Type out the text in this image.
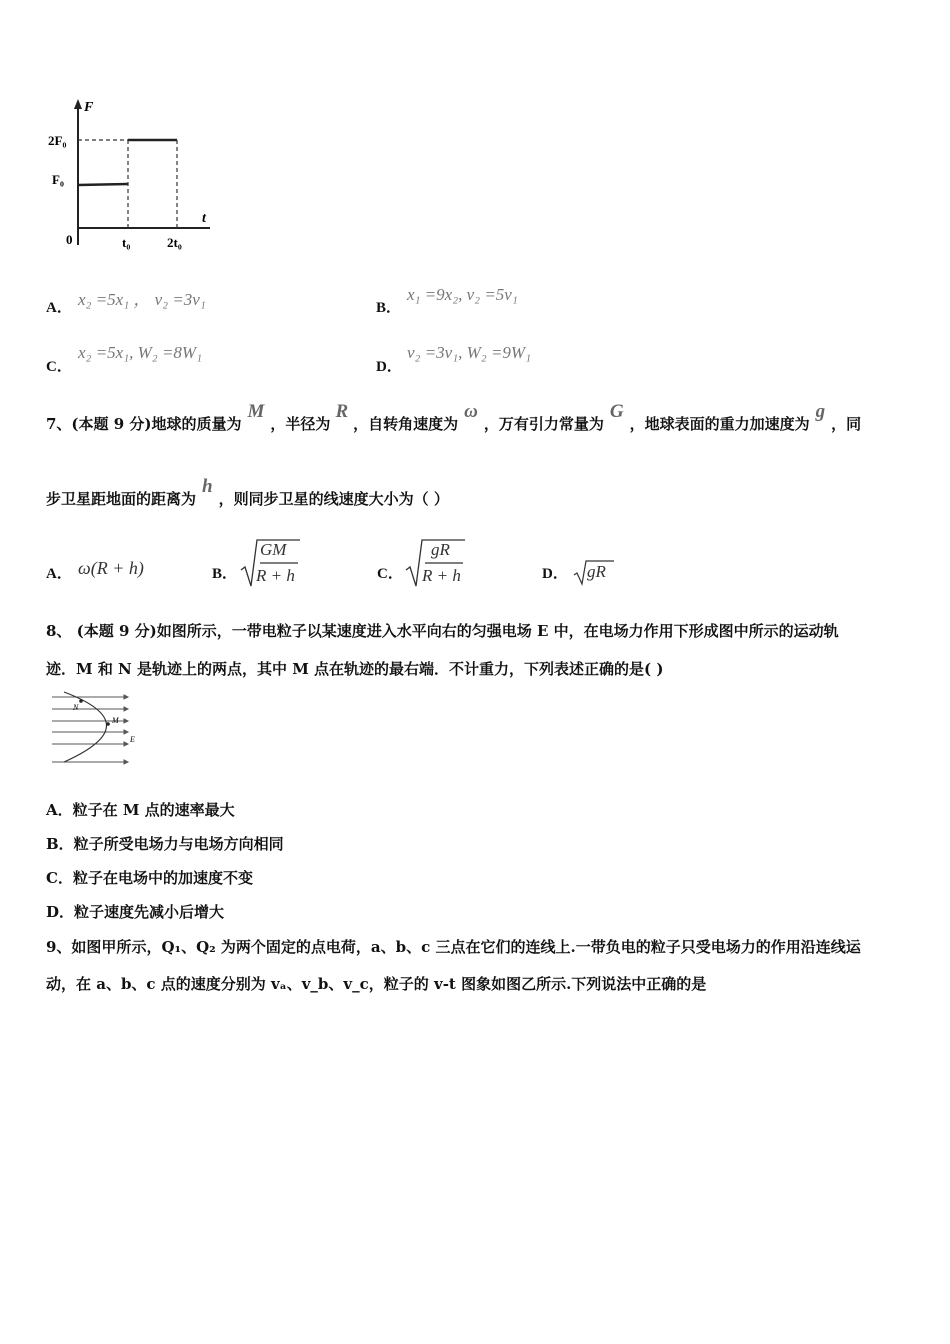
F
t
2F₀
F₀
0	t₀	2t₀
A． x₂ =5x₁ ， v₂ =3v₁	B．
x₁ =9x₂, v₂ =5v₁
C．
x₂ =5x₁, W₂ =8W₁
D．
v₂ =3v₁, W₂ =9W₁
7、(本题 9 分)地球的质量为M，半径为R，自转角速度为ω，万有引力常量为G，地球表面的重力加速度为g，同
步卫星距地面的距离为h，则同步卫星的线速度大小为（ ）
A． ω(R + h)	B．
GM
R + h	C．
gR
R + h	D． gR
8、 (本题 9 分)如图所示，一带电粒子以某速度进入水平向右的匀强电场 E 中，在电场力作用下形成图中所示的运动轨
迹．M 和 N 是轨迹上的两点，其中 M 点在轨迹的最右端．不计重力，下列表述正确的是( )
N
M
E
A．粒子在 M 点的速率最大
B．粒子所受电场力与电场方向相同
C．粒子在电场中的加速度不变
D．粒子速度先减小后增大
9、如图甲所示，Q₁、Q₂ 为两个固定的点电荷，a、b、c 三点在它们的连线上.一带负电的粒子只受电场力的作用沿连线运
动，在 a、b、c 点的速度分别为 vₐ、v_b、v_c，粒子的 v-t 图象如图乙所示.下列说法中正确的是
